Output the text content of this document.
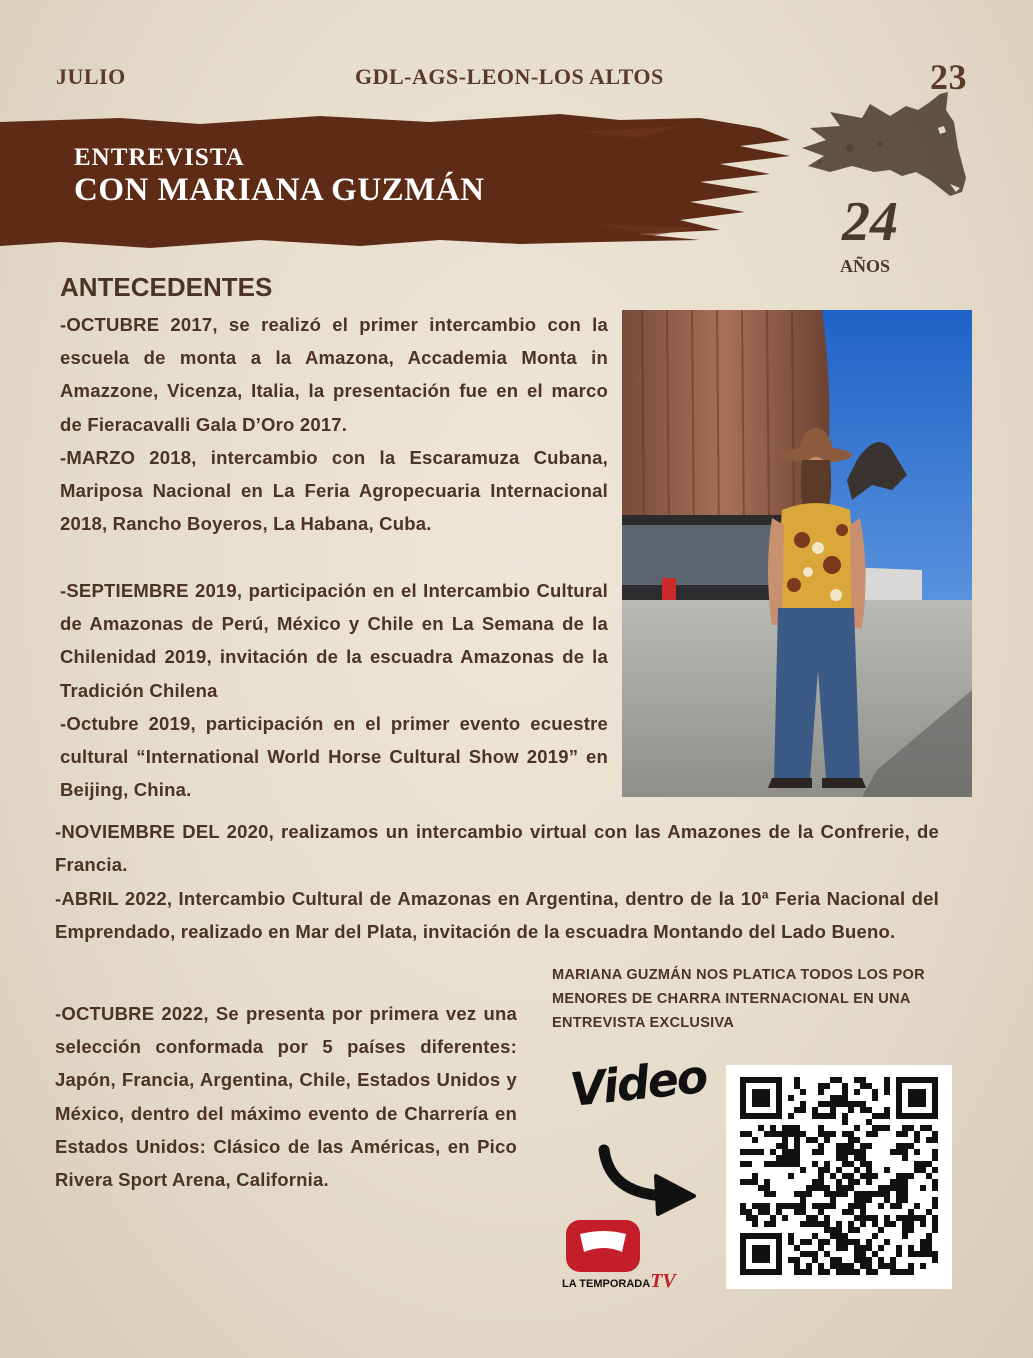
JULIO	GDL-AGS-LEON-LOS ALTOS	23
ENTREVISTA
CON MARIANA GUZMÁN
24
AÑOS
ANTECEDENTES

-OCTUBRE 2017, se realizó el primer intercambio con la escuela de monta a la Amazona, Accademia Monta in Amazzone, Vicenza, Italia, la presentación fue en el marco de Fieracavalli Gala D’Oro 2017.

-MARZO 2018, intercambio con la Escaramuza Cubana, Mariposa Nacional en La Feria Agropecuaria Internacional 2018, Rancho Boyeros, La Habana, Cuba.

-SEPTIEMBRE 2019, participación en el Intercambio Cultural de Amazonas de Perú, México y Chile en La Semana de la Chilenidad 2019, invitación de la escuadra Amazonas de la Tradición Chilena

-Octubre 2019, participación en el primer evento ecuestre cultural “International World Horse Cultural Show 2019” en Beijing, China.

-NOVIEMBRE DEL 2020, realizamos un intercambio virtual con las Amazones de la Confrerie, de Francia.

-ABRIL 2022, Intercambio Cultural de Amazonas en Argentina, dentro de la 10ª Feria Nacional del Emprendado, realizado en Mar del Plata, invitación de la escuadra Montando del Lado Bueno.

-OCTUBRE 2022, Se presenta por primera vez una selección conformada por 5 países diferentes: Japón, Francia, Argentina, Chile, Estados Unidos y México, dentro del máximo evento de Charrería en Estados Unidos: Clásico de las Américas, en Pico Rivera Sport Arena, California.

MARIANA GUZMÁN NOS PLATICA TODOS LOS POR MENORES DE CHARRA INTERNACIONAL EN UNA ENTREVISTA EXCLUSIVA
Video
LA TEMPORADATV
